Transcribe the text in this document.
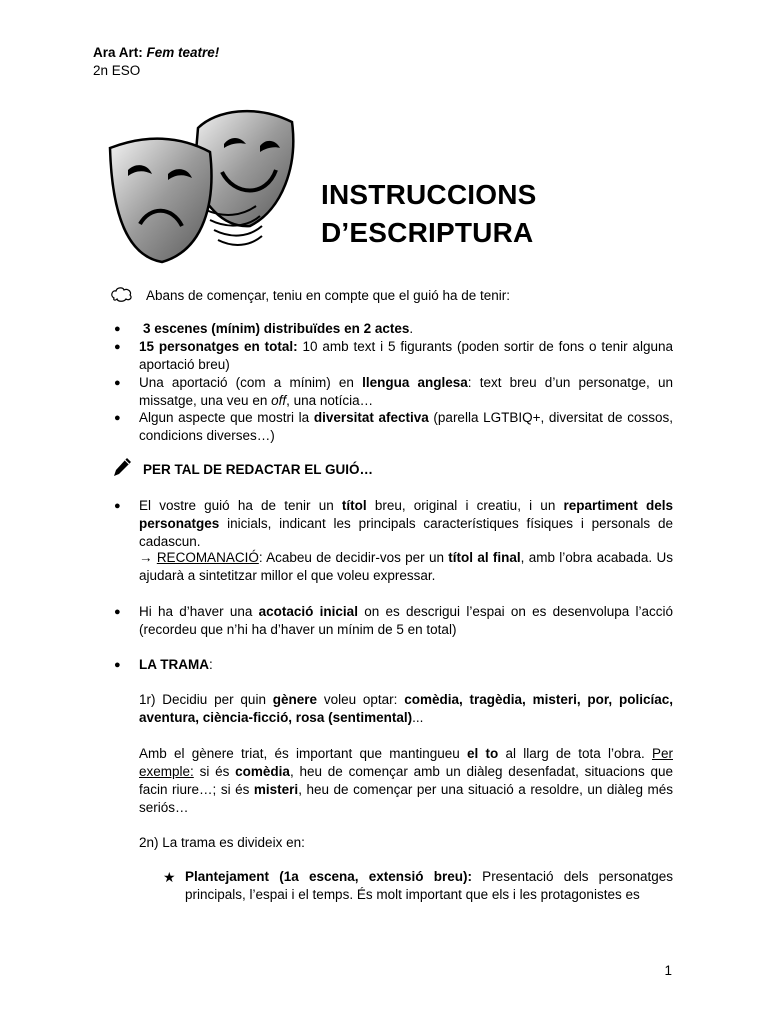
Ara Art: Fem teatre!
2n ESO
INSTRUCCIONS
D’ESCRIPTURA
Abans de començar, teniu en compte que el guió ha de tenir:
● 3 escenes (mínim) distribuïdes en 2 actes.
● 15 personatges en total: 10 amb text i 5 figurants (poden sortir de fons o tenir alguna aportació breu)
● Una aportació (com a mínim) en llengua anglesa: text breu d’un personatge, un missatge, una veu en off, una notícia…
● Algun aspecte que mostri la diversitat afectiva (parella LGTBIQ+, diversitat de cossos, condicions diverses…)
PER TAL DE REDACTAR EL GUIÓ…
● El vostre guió ha de tenir un títol breu, original i creatiu, i un repartiment dels personatges inicials, indicant les principals característiques físiques i personals de cadascun.
→ RECOMANACIÓ: Acabeu de decidir-vos per un títol al final, amb l’obra acabada. Us ajudarà a sintetitzar millor el que voleu expressar.
● Hi ha d’haver una acotació inicial on es descrigui l’espai on es desenvolupa l’acció (recordeu que n’hi ha d’haver un mínim de 5 en total)
● LA TRAMA:
1r) Decidiu per quin gènere voleu optar: comèdia, tragèdia, misteri, por, policíac, aventura, ciència-ficció, rosa (sentimental)...
Amb el gènere triat, és important que mantingueu el to al llarg de tota l’obra. Per exemple: si és comèdia, heu de començar amb un diàleg desenfadat, situacions que facin riure…; si és misteri, heu de començar per una situació a resoldre, un diàleg més seriós…
2n) La trama es divideix en:
★ Plantejament (1a escena, extensió breu): Presentació dels personatges principals, l’espai i el temps. És molt important que els i les protagonistes es
1
